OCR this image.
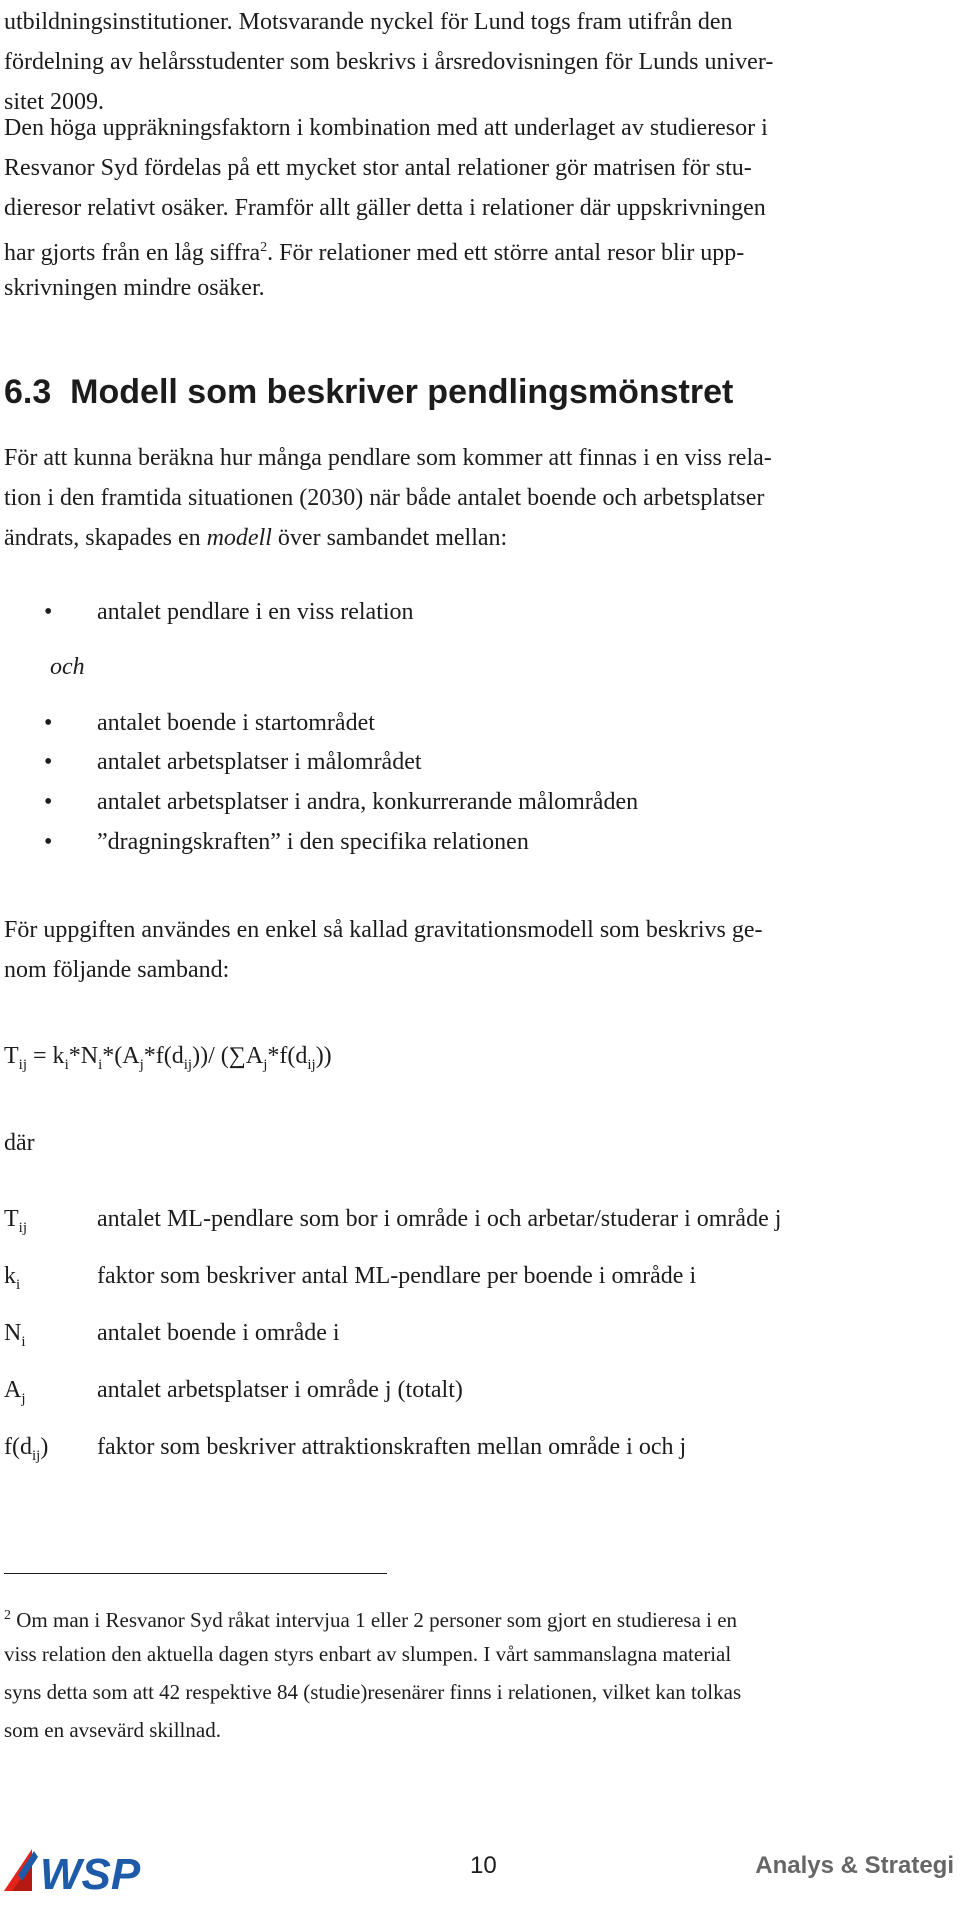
utbildningsinstitutioner. Motsvarande nyckel för Lund togs fram utifrån den
fördelning av helårsstudenter som beskrivs i årsredovisningen för Lunds univer-
sitet 2009.
Den höga uppräkningsfaktorn i kombination med att underlaget av studieresor i
Resvanor Syd fördelas på ett mycket stor antal relationer gör matrisen för stu-
dieresor relativt osäker. Framför allt gäller detta i relationer där uppskrivningen
har gjorts från en låg siffra$^2$. För relationer med ett större antal resor blir upp-
skrivningen mindre osäker.
6.3 Modell som beskriver pendlingsmönstret
För att kunna beräkna hur många pendlare som kommer att finnas i en viss rela-
tion i den framtida situationen (2030) när både antalet boende och arbetsplatser
ändrats, skapades en modell över sambandet mellan:
• antalet pendlare i en viss relation
och
• antalet boende i startområdet
• antalet arbetsplatser i målområdet
• antalet arbetsplatser i andra, konkurrerande målområden
• ”dragningskraften” i den specifika relationen
För uppgiften användes en enkel så kallad gravitationsmodell som beskrivs ge-
nom följande samband:
$T_{ij} = k_i*N_i*(A_j*f(d_{ij}))/$ $(\sum A_j*f(d_{ij}))$
där
$T_{ij}$	antalet ML-pendlare som bor i område i och arbetar/studerar i område j
$k_i$	faktor som beskriver antal ML-pendlare per boende i område i
$N_i$	antalet boende i område i
$A_j$	antalet arbetsplatser i område j (totalt)
$f(d_{ij})$ faktor som beskriver attraktionskraften mellan område i och j
$^2$ Om man i Resvanor Syd råkat intervjua 1 eller 2 personer som gjort en studieresa i en
viss relation den aktuella dagen styrs enbart av slumpen. I vårt sammanslagna material
syns detta som att 42 respektive 84 (studie)resenärer finns i relationen, vilket kan tolkas
som en avsevärd skillnad.
WSP	10	Analys & Strategi
